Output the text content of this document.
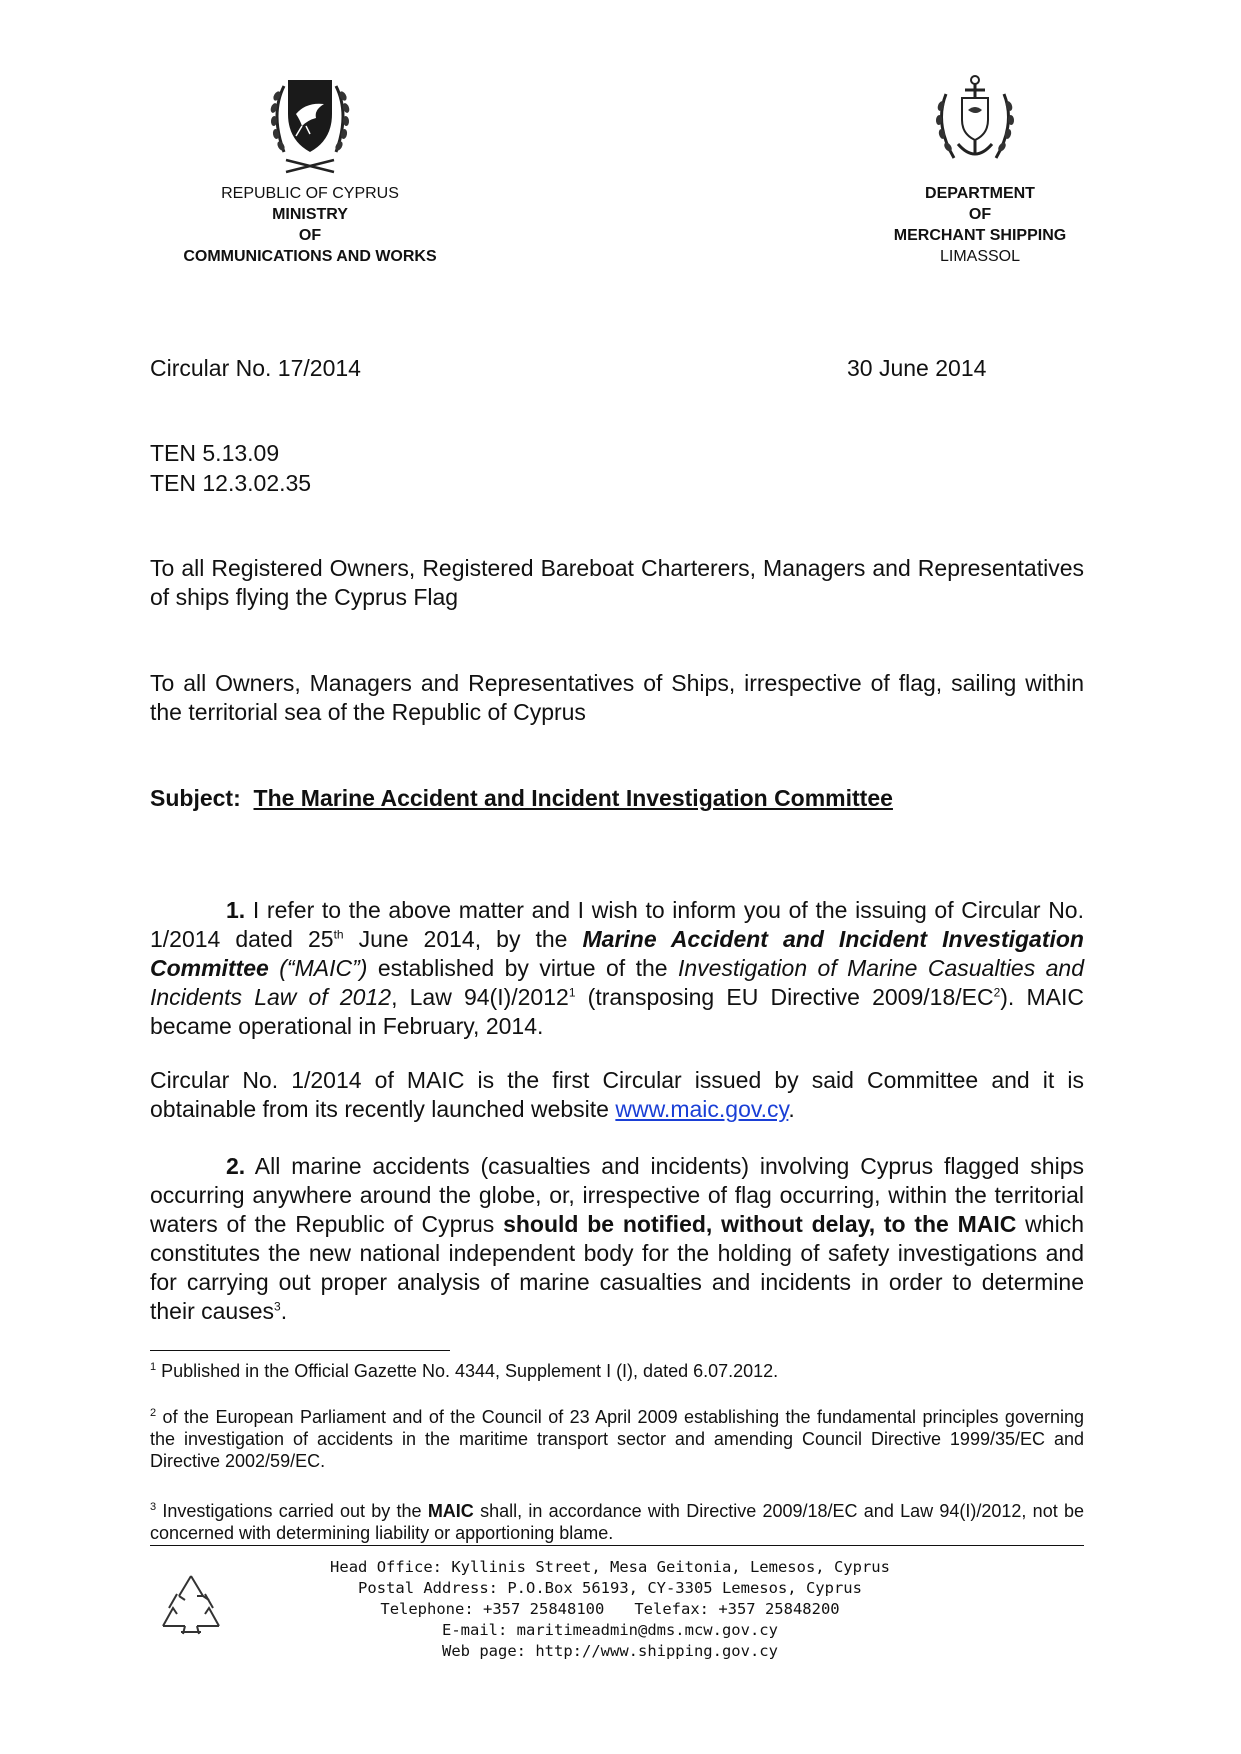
REPUBLIC OF CYPRUS
MINISTRY
OF
COMMUNICATIONS AND WORKS
DEPARTMENT
OF
MERCHANT SHIPPING
LIMASSOL
Circular No. 17/2014	30 June 2014
TEN 5.13.09
TEN 12.3.02.35
To all Registered Owners, Registered Bareboat Charterers, Managers and Representatives of ships flying the Cyprus Flag
To all Owners, Managers and Representatives of Ships, irrespective of flag, sailing within the territorial sea of the Republic of Cyprus
Subject: The Marine Accident and Incident Investigation Committee
1. I refer to the above matter and I wish to inform you of the issuing of Circular No. 1/2014 dated 25th June 2014, by the Marine Accident and Incident Investigation Committee (“MAIC”) established by virtue of the Investigation of Marine Casualties and Incidents Law of 2012, Law 94(I)/2012$^1$ (transposing EU Directive $2009/18/EC^2$). MAIC became operational in February, 2014.
Circular No. 1/2014 of MAIC is the first Circular issued by said Committee and it is obtainable from its recently launched website www.maic.gov.cy.
2. All marine accidents (casualties and incidents) involving Cyprus flagged ships occurring anywhere around the globe, or, irrespective of flag occurring, within the territorial waters of the Republic of Cyprus should be notified, without delay, to the MAIC which constitutes the new national independent body for the holding of safety investigations and for carrying out proper analysis of marine casualties and incidents in order to determine their causes$^3$.
$^1$ Published in the Official Gazette No. 4344, Supplement I (I), dated 6.07.2012.
$^2$ of the European Parliament and of the Council of 23 April 2009 establishing the fundamental principles governing the investigation of accidents in the maritime transport sector and amending Council Directive 1999/35/EC and Directive 2002/59/EC.
$^3$ Investigations carried out by the MAIC shall, in accordance with Directive 2009/18/EC and Law 94(I)/2012, not be concerned with determining liability or apportioning blame.
Head Office: Kyllinis Street, Mesa Geitonia, Lemesos, Cyprus
Postal Address: P.O.Box 56193, CY-3305 Lemesos, Cyprus
Telephone: +357 25848100 Telefax: +357 25848200
E-mail: maritimeadmin@dms.mcw.gov.cy
Web page: http://www.shipping.gov.cy
